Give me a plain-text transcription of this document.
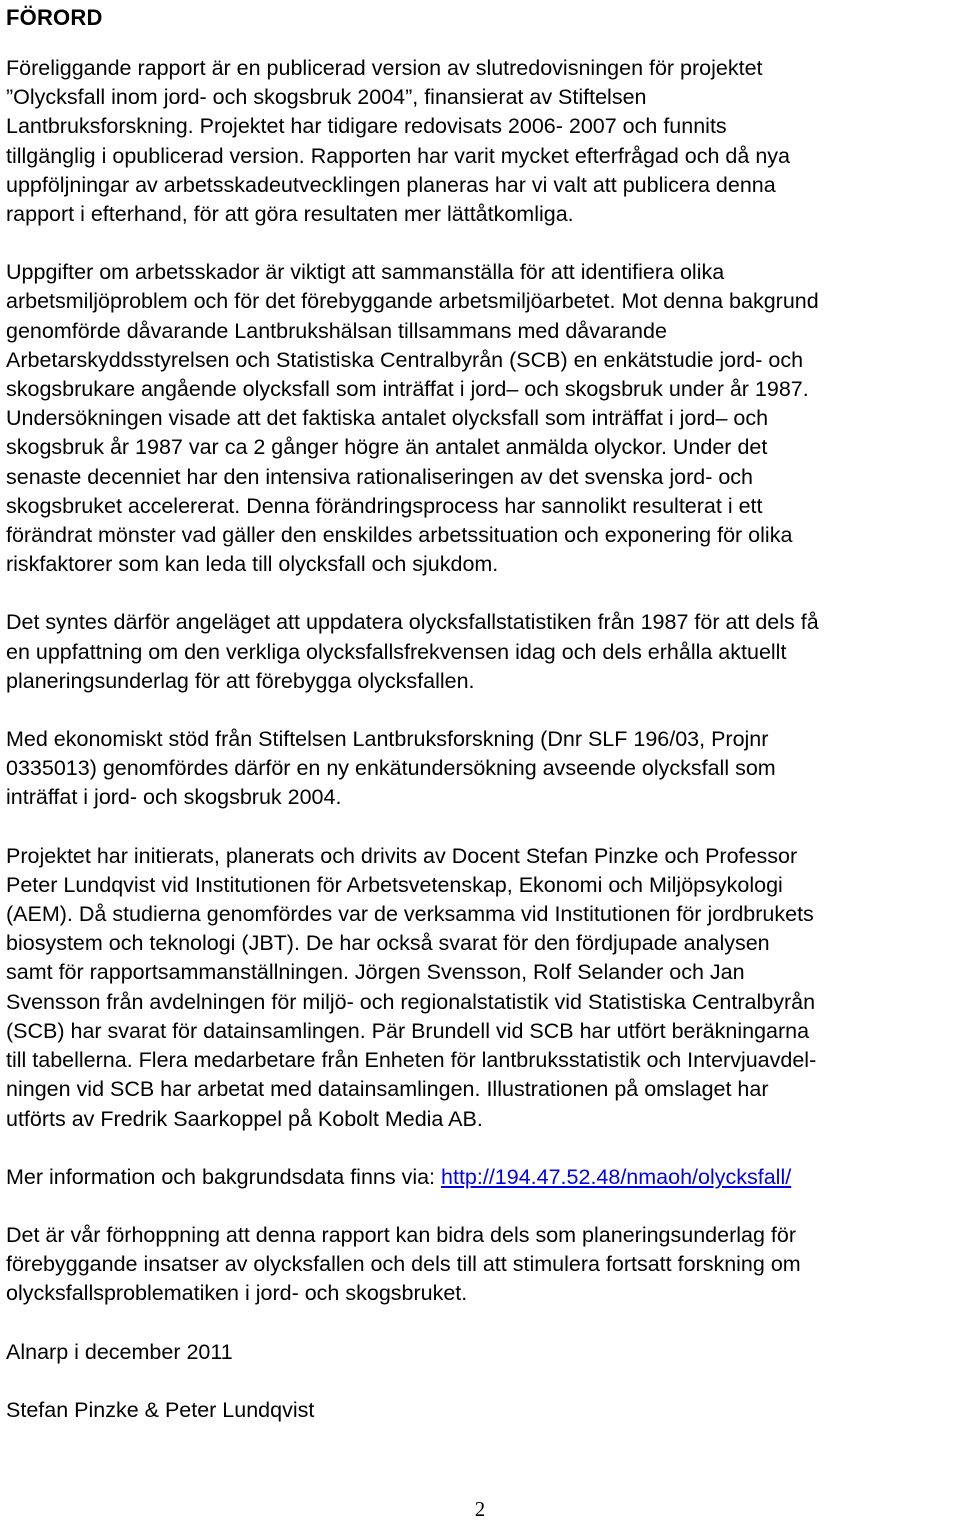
FÖRORD

Föreliggande rapport är en publicerad version av slutredovisningen för projektet
”Olycksfall inom jord- och skogsbruk 2004”, finansierat av Stiftelsen
Lantbruksforskning. Projektet har tidigare redovisats 2006- 2007 och funnits
tillgänglig i opublicerad version. Rapporten har varit mycket efterfrågad och då nya
uppföljningar av arbetsskadeutvecklingen planeras har vi valt att publicera denna
rapport i efterhand, för att göra resultaten mer lättåtkomliga.

Uppgifter om arbetsskador är viktigt att sammanställa för att identifiera olika
arbetsmiljöproblem och för det förebyggande arbetsmiljöarbetet. Mot denna bakgrund
genomförde dåvarande Lantbrukshälsan tillsammans med dåvarande
Arbetarskyddsstyrelsen och Statistiska Centralbyrån (SCB) en enkätstudie jord- och
skogsbrukare angående olycksfall som inträffat i jord– och skogsbruk under år 1987.
Undersökningen visade att det faktiska antalet olycksfall som inträffat i jord– och
skogsbruk år 1987 var ca 2 gånger högre än antalet anmälda olyckor. Under det
senaste decenniet har den intensiva rationaliseringen av det svenska jord- och
skogsbruket accelererat. Denna förändringsprocess har sannolikt resulterat i ett
förändrat mönster vad gäller den enskildes arbetssituation och exponering för olika
riskfaktorer som kan leda till olycksfall och sjukdom.

Det syntes därför angeläget att uppdatera olycksfallstatistiken från 1987 för att dels få
en uppfattning om den verkliga olycksfallsfrekvensen idag och dels erhålla aktuellt
planeringsunderlag för att förebygga olycksfallen.

Med ekonomiskt stöd från Stiftelsen Lantbruksforskning (Dnr SLF 196/03, Projnr
0335013) genomfördes därför en ny enkätundersökning avseende olycksfall som
inträffat i jord- och skogsbruk 2004.

Projektet har initierats, planerats och drivits av Docent Stefan Pinzke och Professor
Peter Lundqvist vid Institutionen för Arbetsvetenskap, Ekonomi och Miljöpsykologi
(AEM). Då studierna genomfördes var de verksamma vid Institutionen för jordbrukets
biosystem och teknologi (JBT). De har också svarat för den fördjupade analysen
samt för rapportsammanställningen. Jörgen Svensson, Rolf Selander och Jan
Svensson från avdelningen för miljö- och regionalstatistik vid Statistiska Centralbyrån
(SCB) har svarat för datainsamlingen. Pär Brundell vid SCB har utfört beräkningarna
till tabellerna. Flera medarbetare från Enheten för lantbruksstatistik och Intervjuavdel-
ningen vid SCB har arbetat med datainsamlingen. Illustrationen på omslaget har
utförts av Fredrik Saarkoppel på Kobolt Media AB.

Mer information och bakgrundsdata finns via: http://194.47.52.48/nmaoh/olycksfall/

Det är vår förhoppning att denna rapport kan bidra dels som planeringsunderlag för
förebyggande insatser av olycksfallen och dels till att stimulera fortsatt forskning om
olycksfallsproblematiken i jord- och skogsbruket.

Alnarp i december 2011

Stefan Pinzke & Peter Lundqvist

2
